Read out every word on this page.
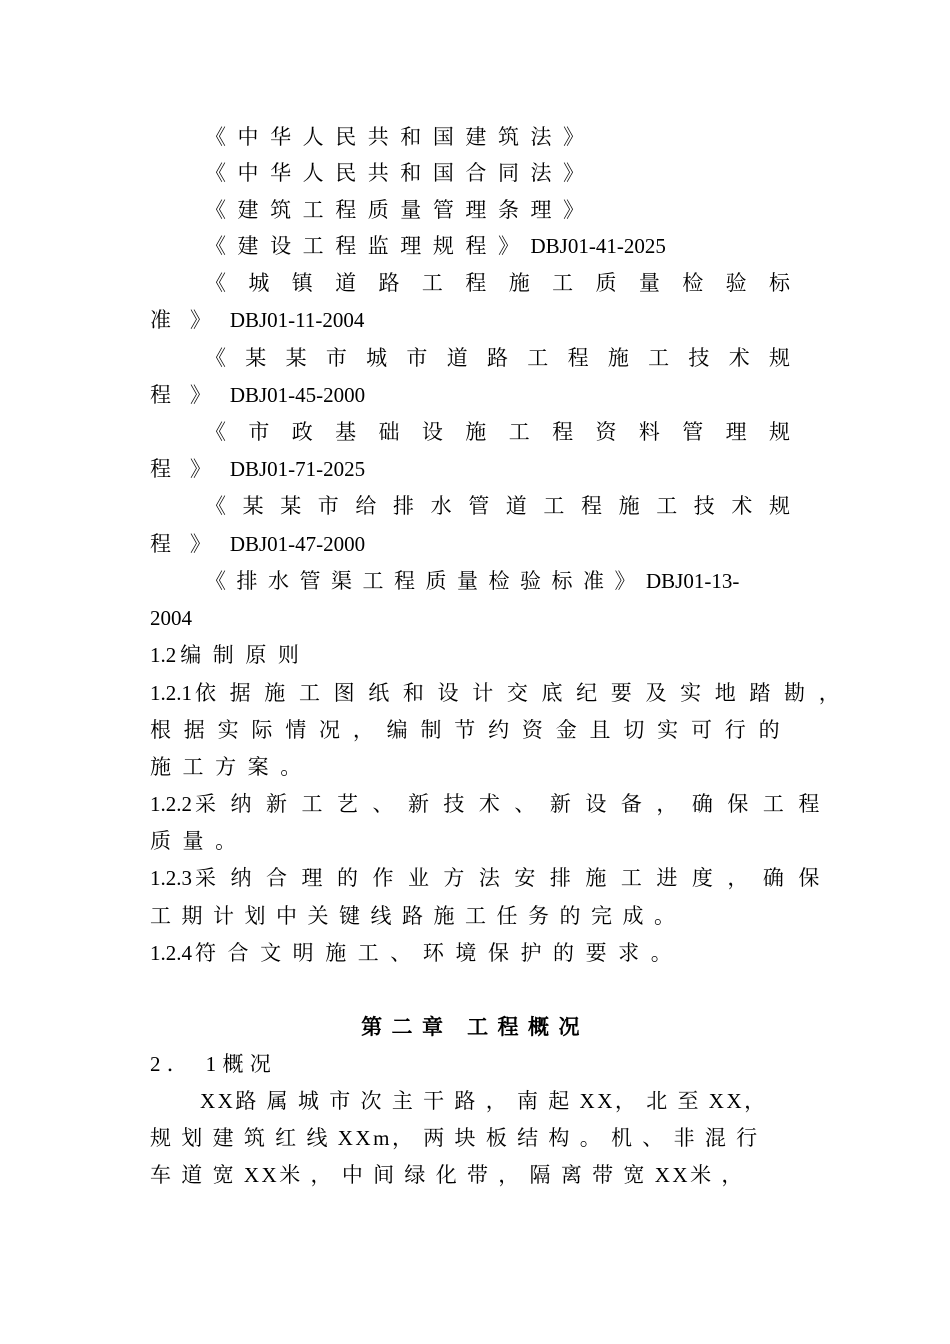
《中华人民共和国建筑法》
《中华人民共和国合同法》
《建筑工程质量管理条理》
《建设工程监理规程》DBJ01-41-2025
《 城 镇 道 路 工 程 施 工 质 量 检 验 标
准》DBJ01-11-2004
《 某 某 市 城 市 道 路 工 程 施 工 技 术 规
程》DBJ01-45-2000
《 市 政 基 础 设 施 工 程 资 料 管 理 规
程》DBJ01-71-2025
《 某 某 市 给 排 水 管 道 工 程 施 工 技 术 规
程》DBJ01-47-2000
《排水管渠工程质量检验标准》DBJ01-13-
2004
1.2 编制原则
1.2.1 依 据 施 工 图 纸 和 设 计 交 底 纪 要 及 实 地 踏 勘 ，
根 据 实 际 情 况 ， 编 制 节 约 资 金 且 切 实 可 行 的
施工方案。
1.2.2 采 纳 新 工 艺 、 新 技 术 、 新 设 备 ， 确 保 工 程
质量。
1.2.3 采 纳 合 理 的 作 业 方 法 安 排 施 工 进 度 ， 确 保
工期计划中关键线路施工任务的完成。
1.2.4 符合文明施工、环境保护的要求。
第二章 工程概况
2． 1概况
XX路 属 城 市 次 主 干 路 ， 南 起 XX， 北 至 XX，
规 划 建 筑 红 线 XXm， 两 块 板 结 构 。 机 、 非 混 行
车 道 宽 XX米 ， 中 间 绿 化 带 ， 隔 离 带 宽 XX米 ，
